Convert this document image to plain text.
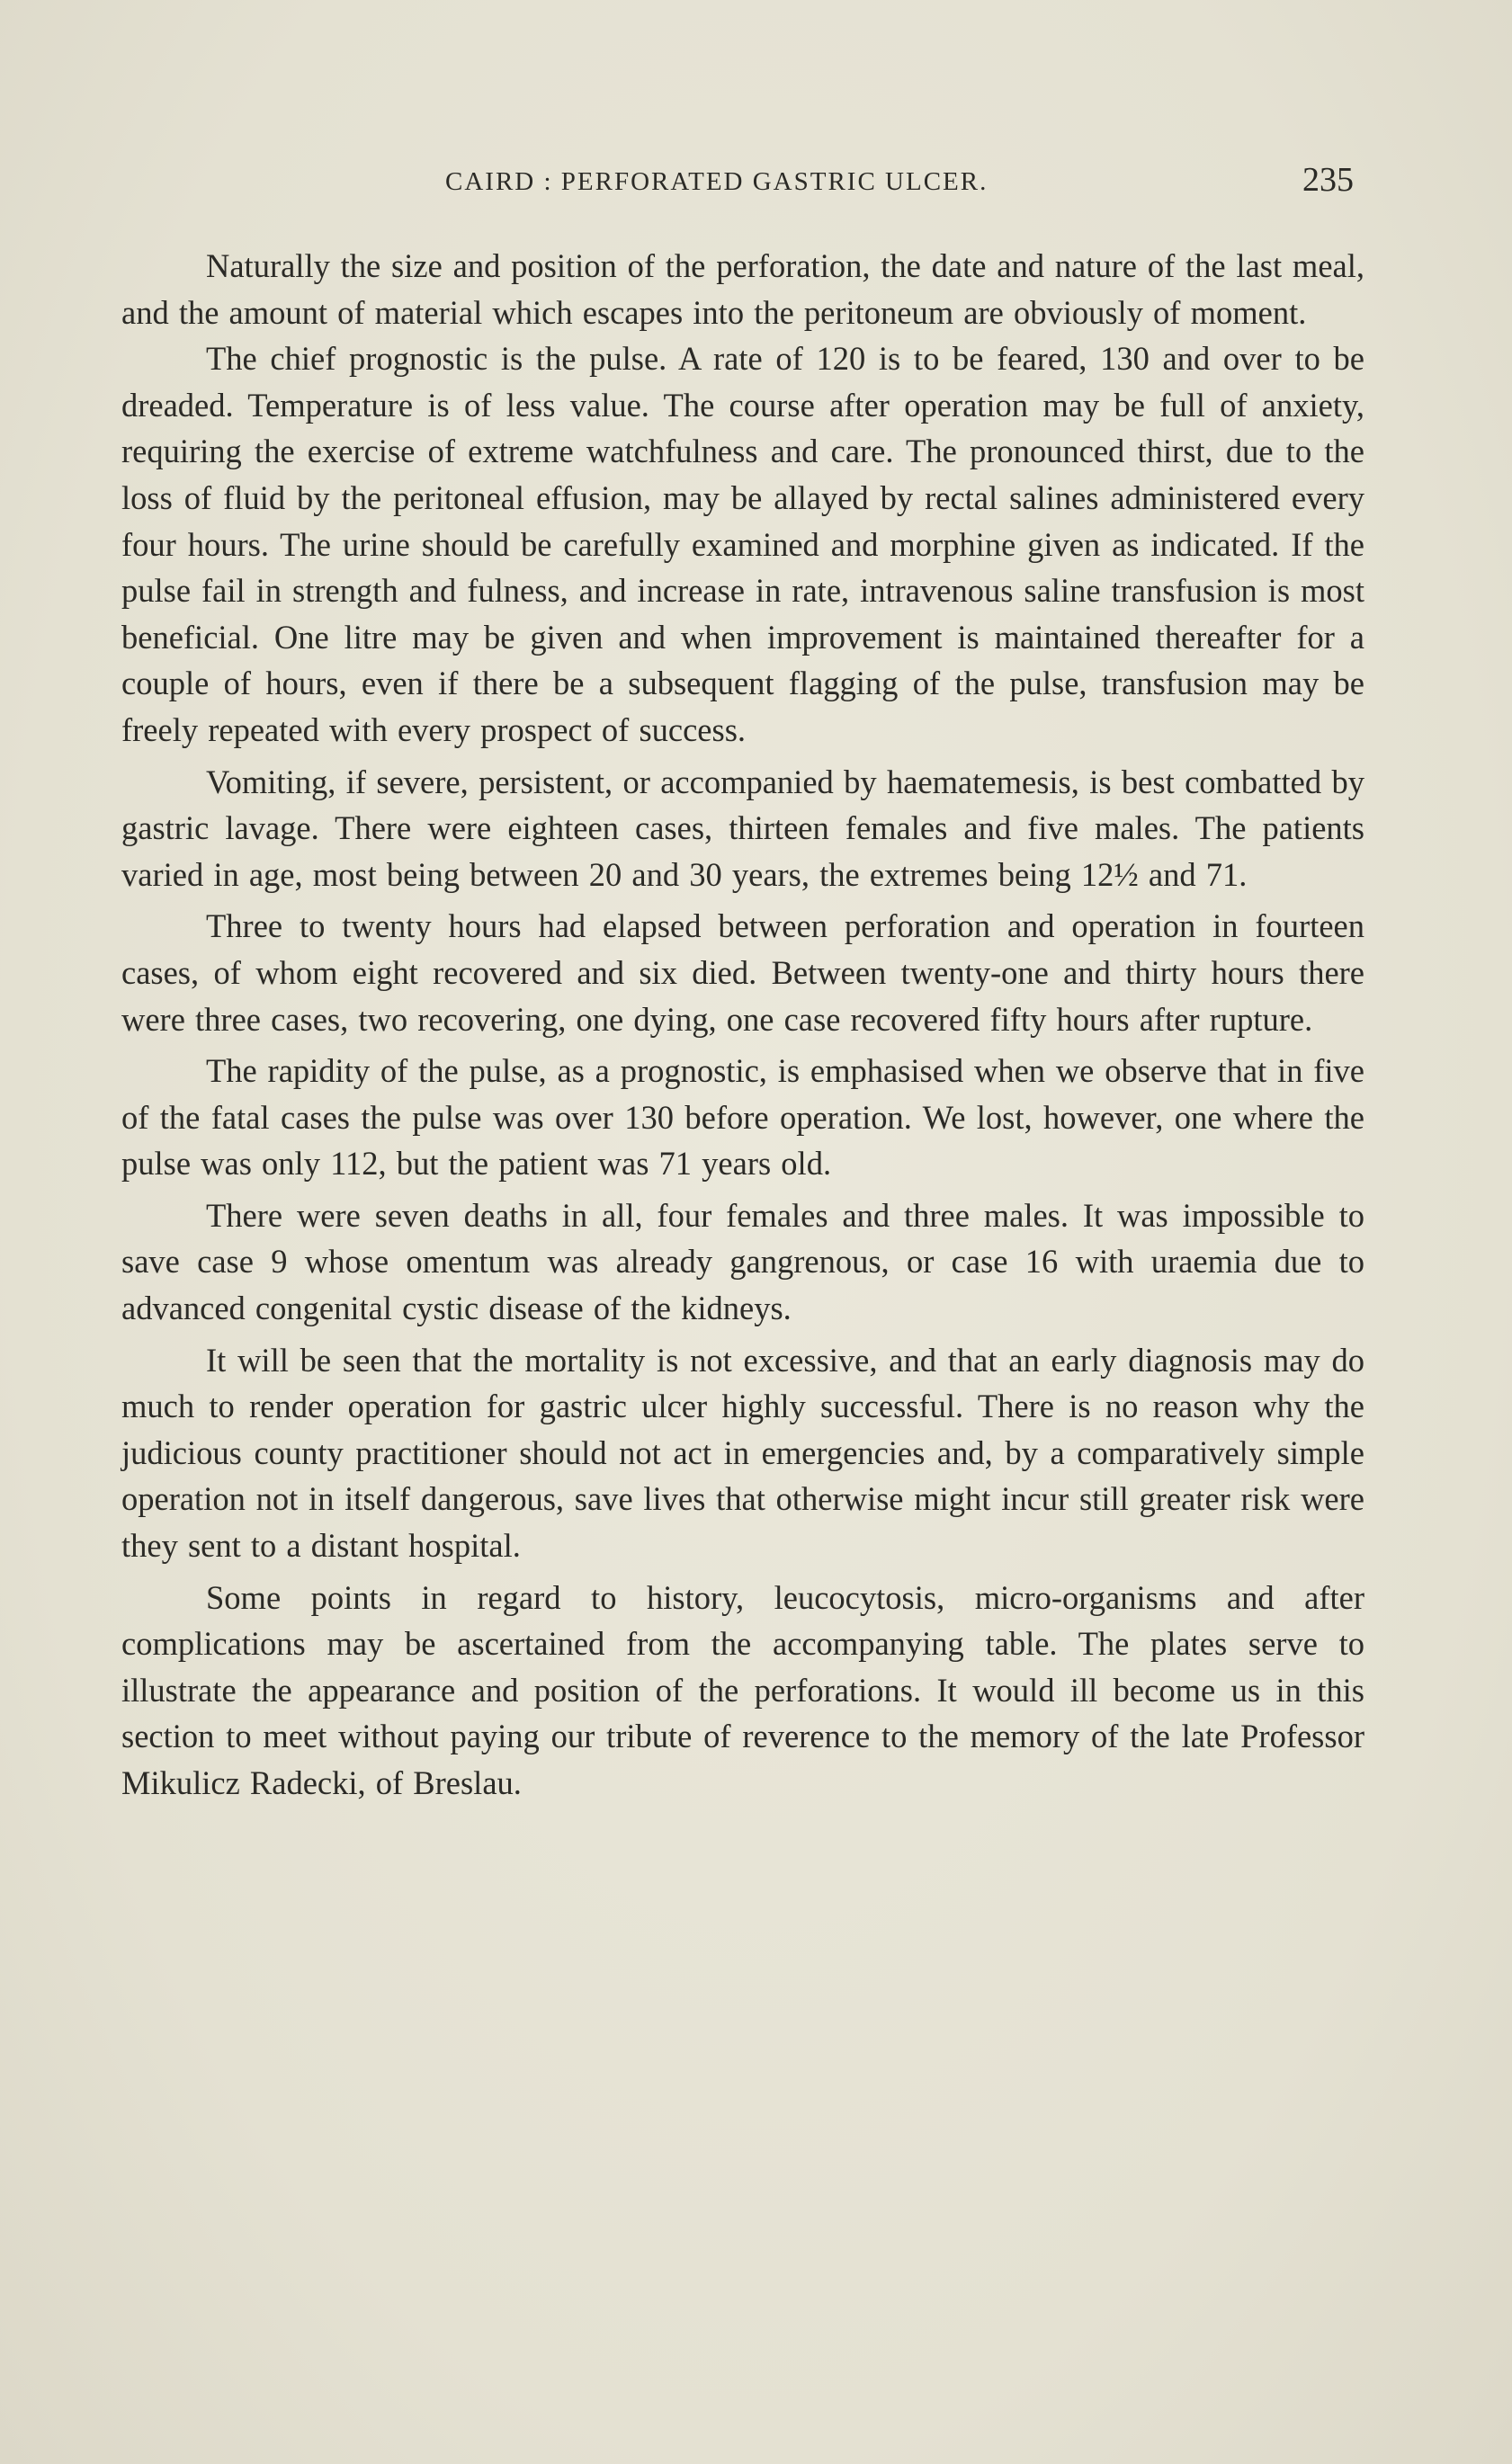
CAIRD : PERFORATED GASTRIC ULCER.	235

Naturally the size and position of the perforation, the date and nature of the last meal, and the amount of material which escapes into the peritoneum are obviously of moment.

The chief prognostic is the pulse. A rate of 120 is to be feared, 130 and over to be dreaded. Temperature is of less value. The course after operation may be full of anxiety, requiring the exercise of extreme watchfulness and care. The pronounced thirst, due to the loss of fluid by the peritoneal effusion, may be allayed by rectal salines administered every four hours. The urine should be carefully examined and morphine given as indicated. If the pulse fail in strength and fulness, and increase in rate, intravenous saline transfusion is most beneficial. One litre may be given and when improvement is maintained thereafter for a couple of hours, even if there be a subsequent flagging of the pulse, transfusion may be freely repeated with every prospect of success.

Vomiting, if severe, persistent, or accompanied by haematemesis, is best combatted by gastric lavage. There were eighteen cases, thirteen females and five males. The patients varied in age, most being between 20 and 30 years, the extremes being 12½ and 71.

Three to twenty hours had elapsed between perforation and operation in fourteen cases, of whom eight recovered and six died. Between twenty-one and thirty hours there were three cases, two recovering, one dying, one case recovered fifty hours after rupture.

The rapidity of the pulse, as a prognostic, is emphasised when we observe that in five of the fatal cases the pulse was over 130 before operation. We lost, however, one where the pulse was only 112, but the patient was 71 years old.

There were seven deaths in all, four females and three males. It was impossible to save case 9 whose omentum was already gangrenous, or case 16 with uraemia due to advanced congenital cystic disease of the kidneys.

It will be seen that the mortality is not excessive, and that an early diagnosis may do much to render operation for gastric ulcer highly successful. There is no reason why the judicious county practitioner should not act in emergencies and, by a comparatively simple operation not in itself dangerous, save lives that otherwise might incur still greater risk were they sent to a distant hospital.

Some points in regard to history, leucocytosis, micro-organisms and after complications may be ascertained from the accompanying table. The plates serve to illustrate the appearance and position of the perforations. It would ill become us in this section to meet without paying our tribute of reverence to the memory of the late Professor Mikulicz Radecki, of Breslau.
